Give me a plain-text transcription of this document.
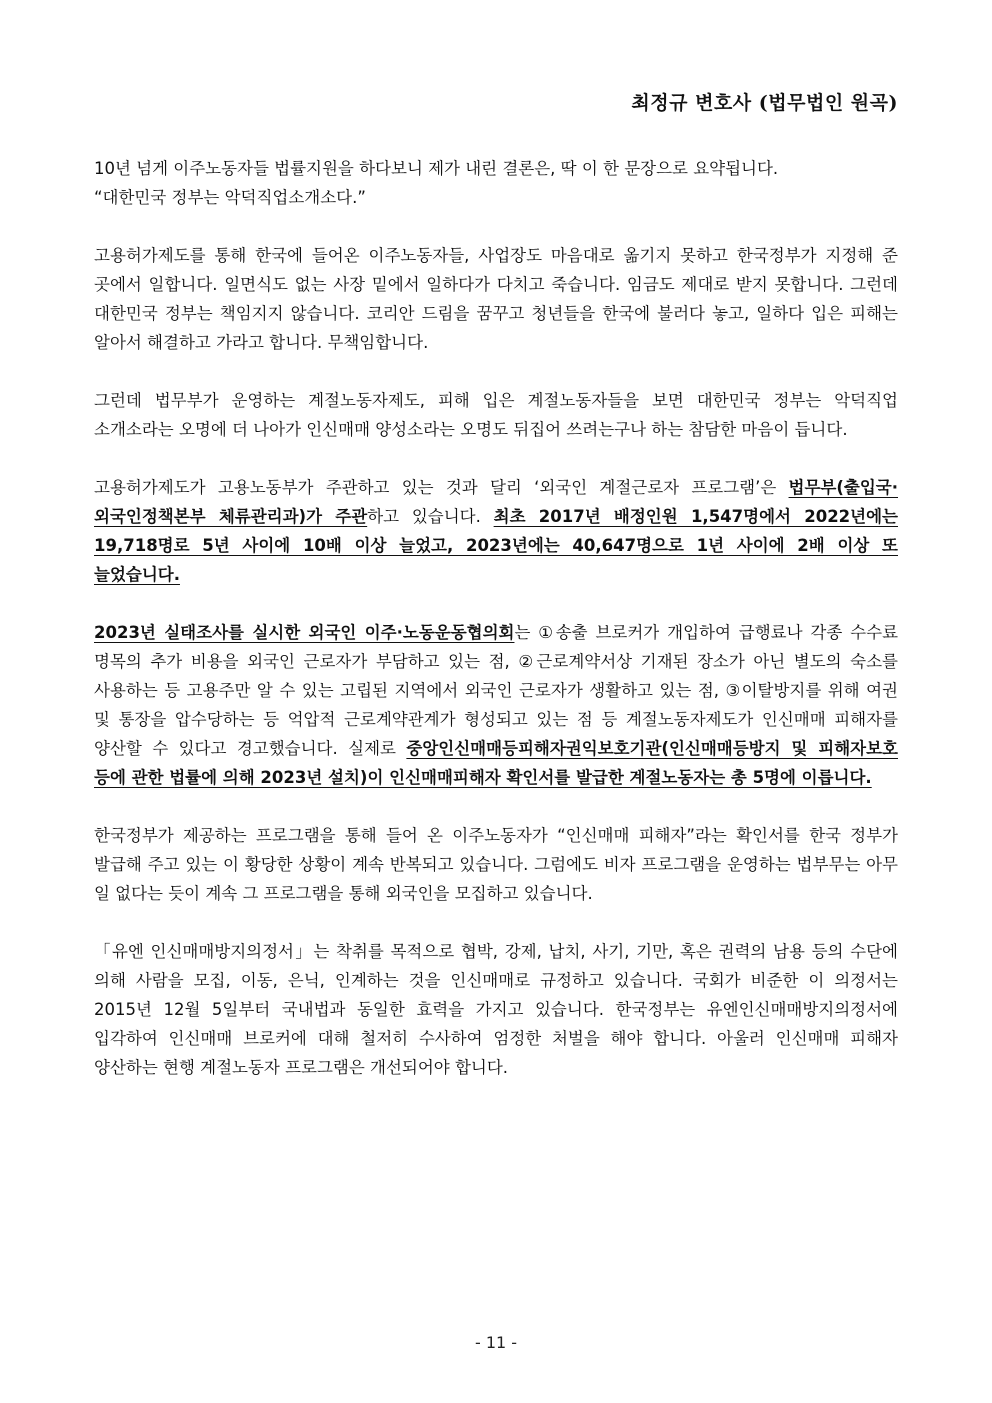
최정규 변호사 (법무법인 원곡)

10년 넘게 이주노동자들 법률지원을 하다보니 제가 내린 결론은, 딱 이 한 문장으로 요약됩니다.
“대한민국 정부는 악덕직업소개소다.”

고용허가제도를 통해 한국에 들어온 이주노동자들, 사업장도 마음대로 옮기지 못하고 한국정부가 지정해 준 곳에서 일합니다. 일면식도 없는 사장 밑에서 일하다가 다치고 죽습니다. 임금도 제대로 받지 못합니다. 그런데 대한민국 정부는 책임지지 않습니다. 코리안 드림을 꿈꾸고 청년들을 한국에 불러다 놓고, 일하다 입은 피해는 알아서 해결하고 가라고 합니다. 무책임합니다.

그런데 법무부가 운영하는 계절노동자제도, 피해 입은 계절노동자들을 보면 대한민국 정부는 악덕직업 소개소라는 오명에 더 나아가 인신매매 양성소라는 오명도 뒤집어 쓰려는구나 하는 참담한 마음이 듭니다.

고용허가제도가 고용노동부가 주관하고 있는 것과 달리 ‘외국인 계절근로자 프로그램’은 법무부(출입국·외국인정책본부 체류관리과)가 주관하고 있습니다. 최초 2017년 배정인원 1,547명에서 2022년에는 19,718명로 5년 사이에 10배 이상 늘었고, 2023년에는 40,647명으로 1년 사이에 2배 이상 또 늘었습니다.

2023년 실태조사를 실시한 외국인 이주·노동운동협의회는 ①송출 브로커가 개입하여 급행료나 각종 수수료 명목의 추가 비용을 외국인 근로자가 부담하고 있는 점, ②근로계약서상 기재된 장소가 아닌 별도의 숙소를 사용하는 등 고용주만 알 수 있는 고립된 지역에서 외국인 근로자가 생활하고 있는 점, ③이탈방지를 위해 여권 및 통장을 압수당하는 등 억압적 근로계약관계가 형성되고 있는 점 등 계절노동자제도가 인신매매 피해자를 양산할 수 있다고 경고했습니다. 실제로 중앙인신매매등피해자권익보호기관(인신매매등방지 및 피해자보호 등에 관한 법률에 의해 2023년 설치)이 인신매매피해자 확인서를 발급한 계절노동자는 총 5명에 이릅니다.

한국정부가 제공하는 프로그램을 통해 들어 온 이주노동자가 “인신매매 피해자”라는 확인서를 한국 정부가 발급해 주고 있는 이 황당한 상황이 계속 반복되고 있습니다. 그럼에도 비자 프로그램을 운영하는 법부무는 아무 일 없다는 듯이 계속 그 프로그램을 통해 외국인을 모집하고 있습니다.

「유엔 인신매매방지의정서」는 착취를 목적으로 협박, 강제, 납치, 사기, 기만, 혹은 권력의 남용 등의 수단에 의해 사람을 모집, 이동, 은닉, 인계하는 것을 인신매매로 규정하고 있습니다. 국회가 비준한 이 의정서는 2015년 12월 5일부터 국내법과 동일한 효력을 가지고 있습니다. 한국정부는 유엔인신매매방지의정서에 입각하여 인신매매 브로커에 대해 철저히 수사하여 엄정한 처벌을 해야 합니다. 아울러 인신매매 피해자 양산하는 현행 계절노동자 프로그램은 개선되어야 합니다.

- 11 -
